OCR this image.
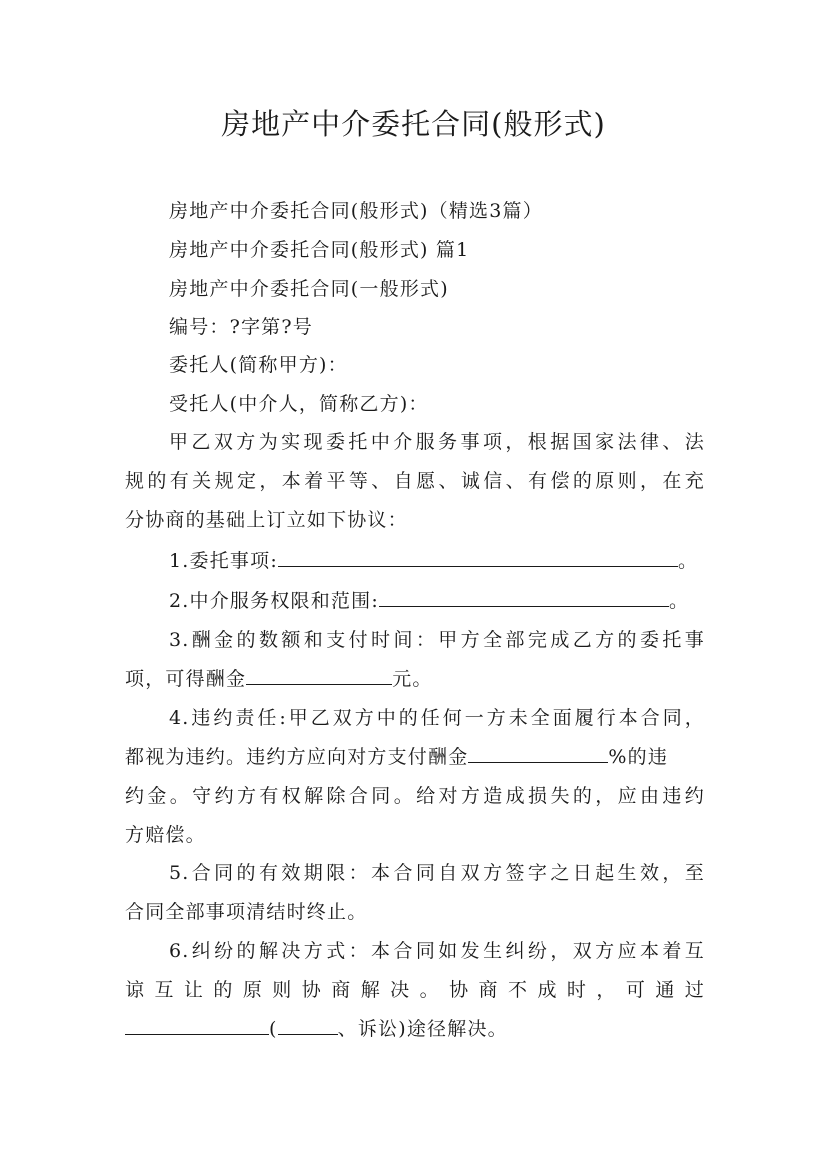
房地产中介委托合同(般形式)
房地产中介委托合同(般形式)（精选3篇）
房地产中介委托合同(般形式) 篇1
房地产中介委托合同(一般形式)
编号：?字第?号
委托人(简称甲方)：
受托人(中介人，简称乙方)：
甲乙双方为实现委托中介服务事项，根据国家法律、法
规的有关规定，本着平等、自愿、诚信、有偿的原则，在充
分协商的基础上订立如下协议：
1.委托事项:	。
2.中介服务权限和范围:	。
3.酬金的数额和支付时间：甲方全部完成乙方的委托事
项，可得酬金	元。
4.违约责任:甲乙双方中的任何一方未全面履行本合同，
都视为违约。违约方应向对方支付酬金	%的违
约金。守约方有权解除合同。给对方造成损失的，应由违约
方赔偿。
5.合同的有效期限：本合同自双方签字之日起生效，至
合同全部事项清结时终止。
6.纠纷的解决方式：本合同如发生纠纷，双方应本着互
谅互让的原则协商解决。协商不成时，可通过
(	、诉讼)途径解决。
